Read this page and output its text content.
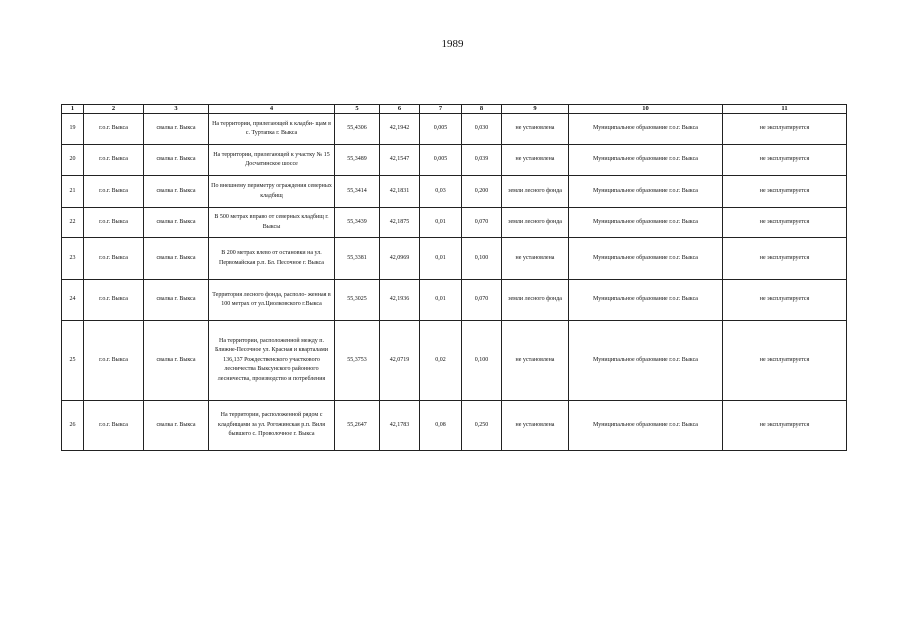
1989
1	2	3	4	5	6	7	8	9	10	11
19	г.о.г. Выкса	свалка г. Выкса	На территории, прилегающей к кладби- щам в с. Туртапка г. Выкса	55,4306	42,1942	0,005	0,030	не установлена	Муниципальное образование г.о.г. Выкса	не эксплуатируется
20	г.о.г. Выкса	свалка г. Выкса	На территории, прилегающей к участку № 15 Досчатинское шоссе	55,3489	42,1547	0,005	0,039	не установлена	Муниципальное образование г.о.г. Выкса	не эксплуатируется
21	г.о.г. Выкса	свалка г. Выкса	По внешнему периметру ограждения северных кладбищ	55,3414	42,1831	0,03	0,200	земли лесного фонда	Муниципальное образование г.о.г. Выкса	не эксплуатируется
22	г.о.г. Выкса	свалка г. Выкса	В 500 метрах вправо от северных кладбищ г. Выксы	55,3439	42,1875	0,01	0,070	земли лесного фонда	Муниципальное образование г.о.г. Выкса	не эксплуатируется
23	г.о.г. Выкса	свалка г. Выкса	В 200 метрах влево от остановки на ул. Первомайская р.п. Бл. Песочное г. Выкса	55,3381	42,0969	0,01	0,100	не установлена	Муниципальное образование г.о.г. Выкса	не эксплуатируется
24	г.о.г. Выкса	свалка г. Выкса	Территория лесного фонда, располо- женная в 100 метрах от ул.Циолковского г.Выкса	55,3025	42,1936	0,01	0,070	земли лесного фонда	Муниципальное образование г.о.г. Выкса	не эксплуатируется
25	г.о.г. Выкса	свалка г. Выкса	На территории, расположенной между п. Ближне-Песочное ул. Красная и кварталами 136,137 Рождественского участкового лесничества Выксунского районного лесничества, производство и потребления	55,3753	42,0719	0,02	0,100	не установлена	Муниципальное образование г.о.г. Выкса	не эксплуатируется
26	г.о.г. Выкса	свалка г. Выкса	На территории, расположенной рядом с кладбищами за ул. Рогожинская р.п. Виля бывшего с. Проволочное г. Выкса	55,2647	42,1783	0,08	0,250	не установлена	Муниципальное образование г.о.г. Выкса	не эксплуатируется
